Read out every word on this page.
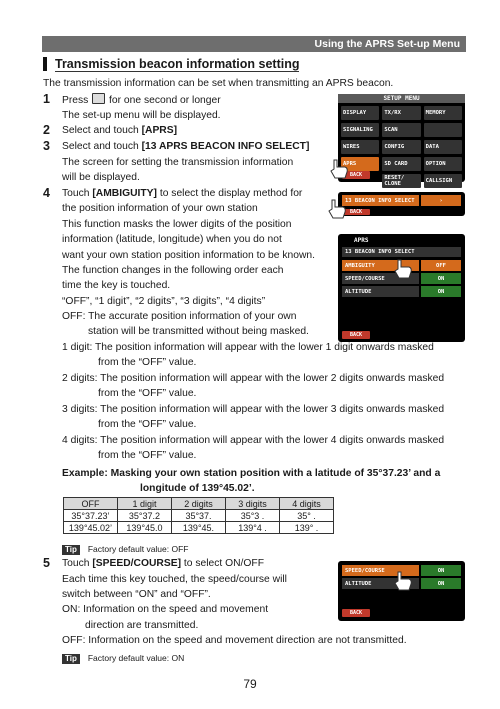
Using the APRS Set-up Menu
Transmission beacon information setting
The transmission information can be set when transmitting an APRS beacon.
1 Press  for one second or longer
The set-up menu will be displayed.
2 Select and touch [APRS]
3 Select and touch [13 APRS BEACON INFO SELECT]
The screen for setting the transmission information
will be displayed.
4 Touch [AMBIGUITY] to select the display method for
the position information of your own station
This function masks the lower digits of the position
information (latitude, longitude) when you do not
want your own station position information to be known.
The function changes in the following order each
time the key is touched.
“OFF”, “1 digit”, “2 digits”, “3 digits”, “4 digits”
OFF: The accurate position information of your own
station will be transmitted without being masked.
1 digit: The position information will appear with the lower 1 digit onwards masked
from the “OFF” value.
2 digits: The position information will appear with the lower 2 digits onwards masked
from the “OFF” value.
3 digits: The position information will appear with the lower 3 digits onwards masked
from the “OFF” value.
4 digits: The position information will appear with the lower 4 digits onwards masked
from the “OFF” value.
Example: Masking your own station position with a latitude of 35°37.23’ and a
longitude of 139°45.02’.
OFF	1 digit	2 digits	3 digits	4 digits
35°37.23’	35°37.2	35°37.	35°3 .	35° .
139°45.02’	139°45.0	139°45.	139°4 .	139° .
Tip Factory default value: OFF
5 Touch [SPEED/COURSE] to select ON/OFF
Each time this key touched, the speed/course will
switch between “ON” and “OFF”.
ON: Information on the speed and movement
direction are transmitted.
OFF: Information on the speed and movement direction are not transmitted.
Tip Factory default value: ON
SETUP MENU
DISPLAY	TX/RX	MEMORY
SIGNALING	SCAN
WIRES	CONFIG	DATA
APRS	SD CARD	OPTION
RESET/ CLONE	CALLSIGN
BACK
13 BEACON INFO SELECT	›
BACK
APRS
13 BEACON INFO SELECT
AMBIGUITY	OFF
SPEED/COURSE	ON
ALTITUDE	ON
BACK
SPEED/COURSE	ON
ALTITUDE	ON
BACK
79
